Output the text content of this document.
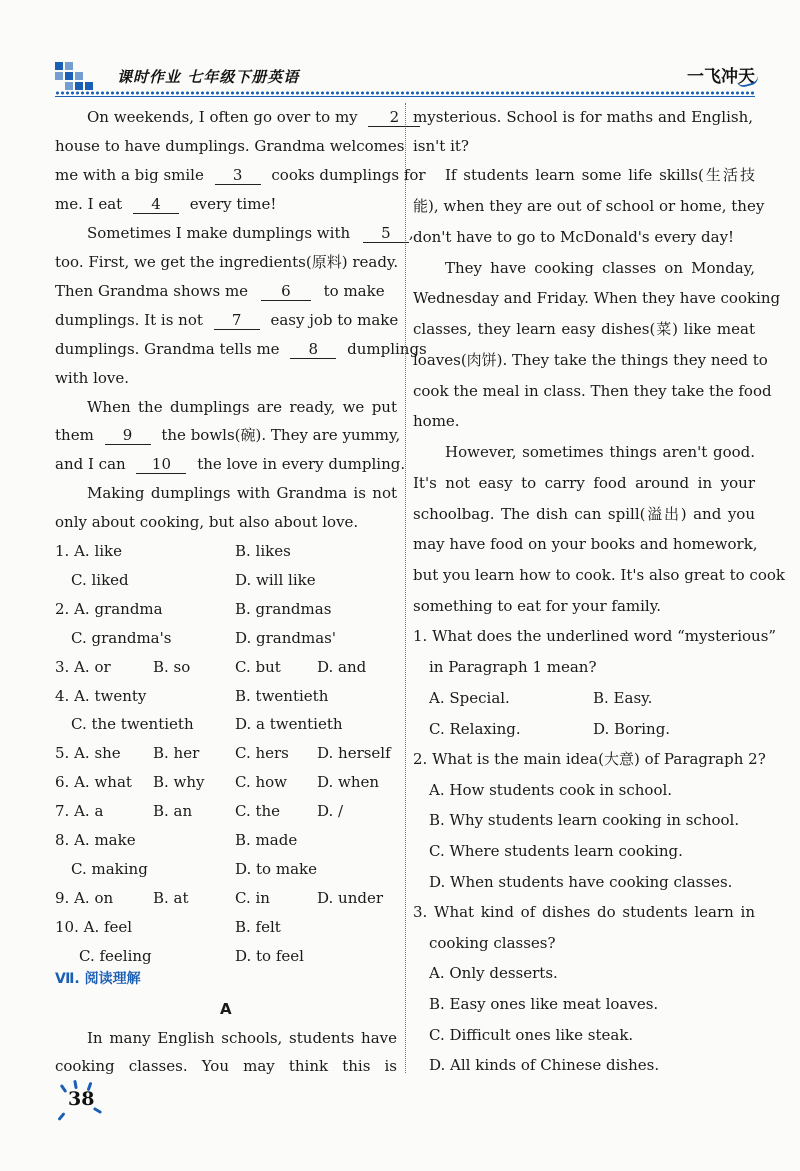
课时作业 七年级下册英语	一飞冲天
On weekends, I often go over to my 2
house to have dumplings. Grandma welcomes
me with a big smile 3 cooks dumplings for
me. I eat 4 every time!
Sometimes I make dumplings with 5 ,
too. First, we get the ingredients(原料) ready.
Then Grandma shows me 6 to make
dumplings. It is not 7 easy job to make
dumplings. Grandma tells me 8 dumplings
with love.
When the dumplings are ready, we put
them 9 the bowls(碗). They are yummy,
and I can 10 the love in every dumpling.
Making dumplings with Grandma is not
only about cooking, but also about love.
1. A. like	B. likes
C. liked	D. will like
2. A. grandma	B. grandmas
C. grandma's	D. grandmas'
3. A. or	B. so	C. but D. and
4. A. twenty	B. twentieth
C. the twentieth	D. a twentieth
5. A. she B. her C. hers D. herself
6. A. what B. why C. how D. when
7. A. a	B. an	C. the D. /
8. A. make	B. made
C. making	D. to make
9. A. on	B. at	C. in	D. under
10. A. feel	B. felt
C. feeling	D. to feel
Ⅶ. 阅读理解
A
In many English schools, students have
cooking classes. You may think this is
mysterious. School is for maths and English,
isn't it?
If students learn some life skills(生活技
能), when they are out of school or home, they
don't have to go to McDonald's every day!
They have cooking classes on Monday,
Wednesday and Friday. When they have cooking
classes, they learn easy dishes(菜) like meat
loaves(肉饼). They take the things they need to
cook the meal in class. Then they take the food
home.
However, sometimes things aren't good.
It's not easy to carry food around in your
schoolbag. The dish can spill(溢出) and you
may have food on your books and homework,
but you learn how to cook. It's also great to cook
something to eat for your family.
1. What does the underlined word “mysterious”
in Paragraph 1 mean?
A. Special.	B. Easy.
C. Relaxing.	D. Boring.
2. What is the main idea(大意) of Paragraph 2?
A. How students cook in school.
B. Why students learn cooking in school.
C. Where students learn cooking.
D. When students have cooking classes.
3. What kind of dishes do students learn in
cooking classes?
A. Only desserts.
B. Easy ones like meat loaves.
C. Difficult ones like steak.
D. All kinds of Chinese dishes.
38
